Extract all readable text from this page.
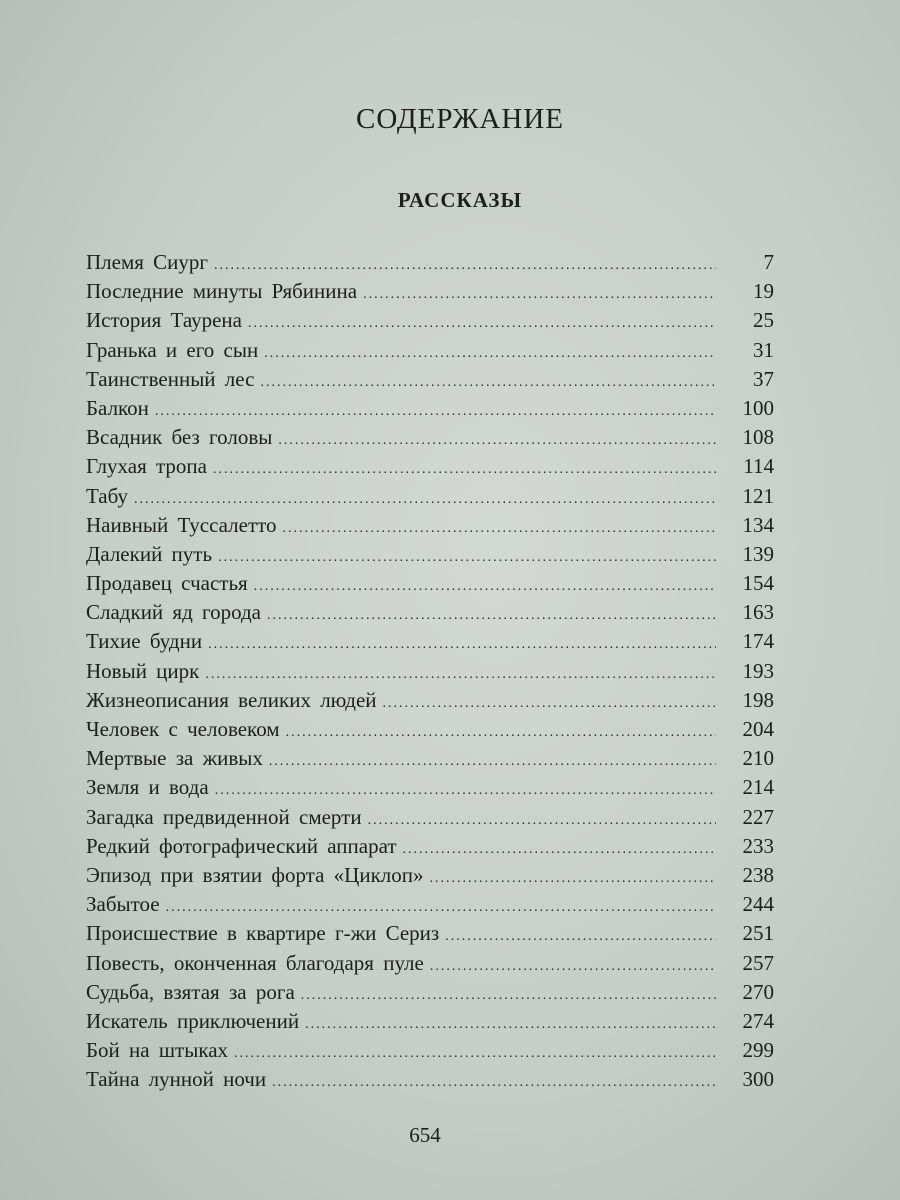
СОДЕРЖАНИЕ
РАССКАЗЫ
Племя Сиург .....	7
Последние минуты Рябинина .....	19
История Таурена .....	25
Гранька и его сын .....	31
Таинственный лес .....	37
Балкон .....	100
Всадник без головы .....	108
Глухая тропа .....	114
Табу .....	121
Наивный Туссалетто .....	134
Далекий путь .....	139
Продавец счастья .....	154
Сладкий яд города .....	163
Тихие будни .....	174
Новый цирк .....	193
Жизнеописания великих людей .....	198
Человек с человеком .....	204
Мертвые за живых .....	210
Земля и вода .....	214
Загадка предвиденной смерти .....	227
Редкий фотографический аппарат .....	233
Эпизод при взятии форта «Циклоп» .....	238
Забытое .....	244
Происшествие в квартире г-жи Сериз .....	251
Повесть, оконченная благодаря пуле .....	257
Судьба, взятая за рога .....	270
Искатель приключений .....	274
Бой на штыках .....	299
Тайна лунной ночи .....	300
654
